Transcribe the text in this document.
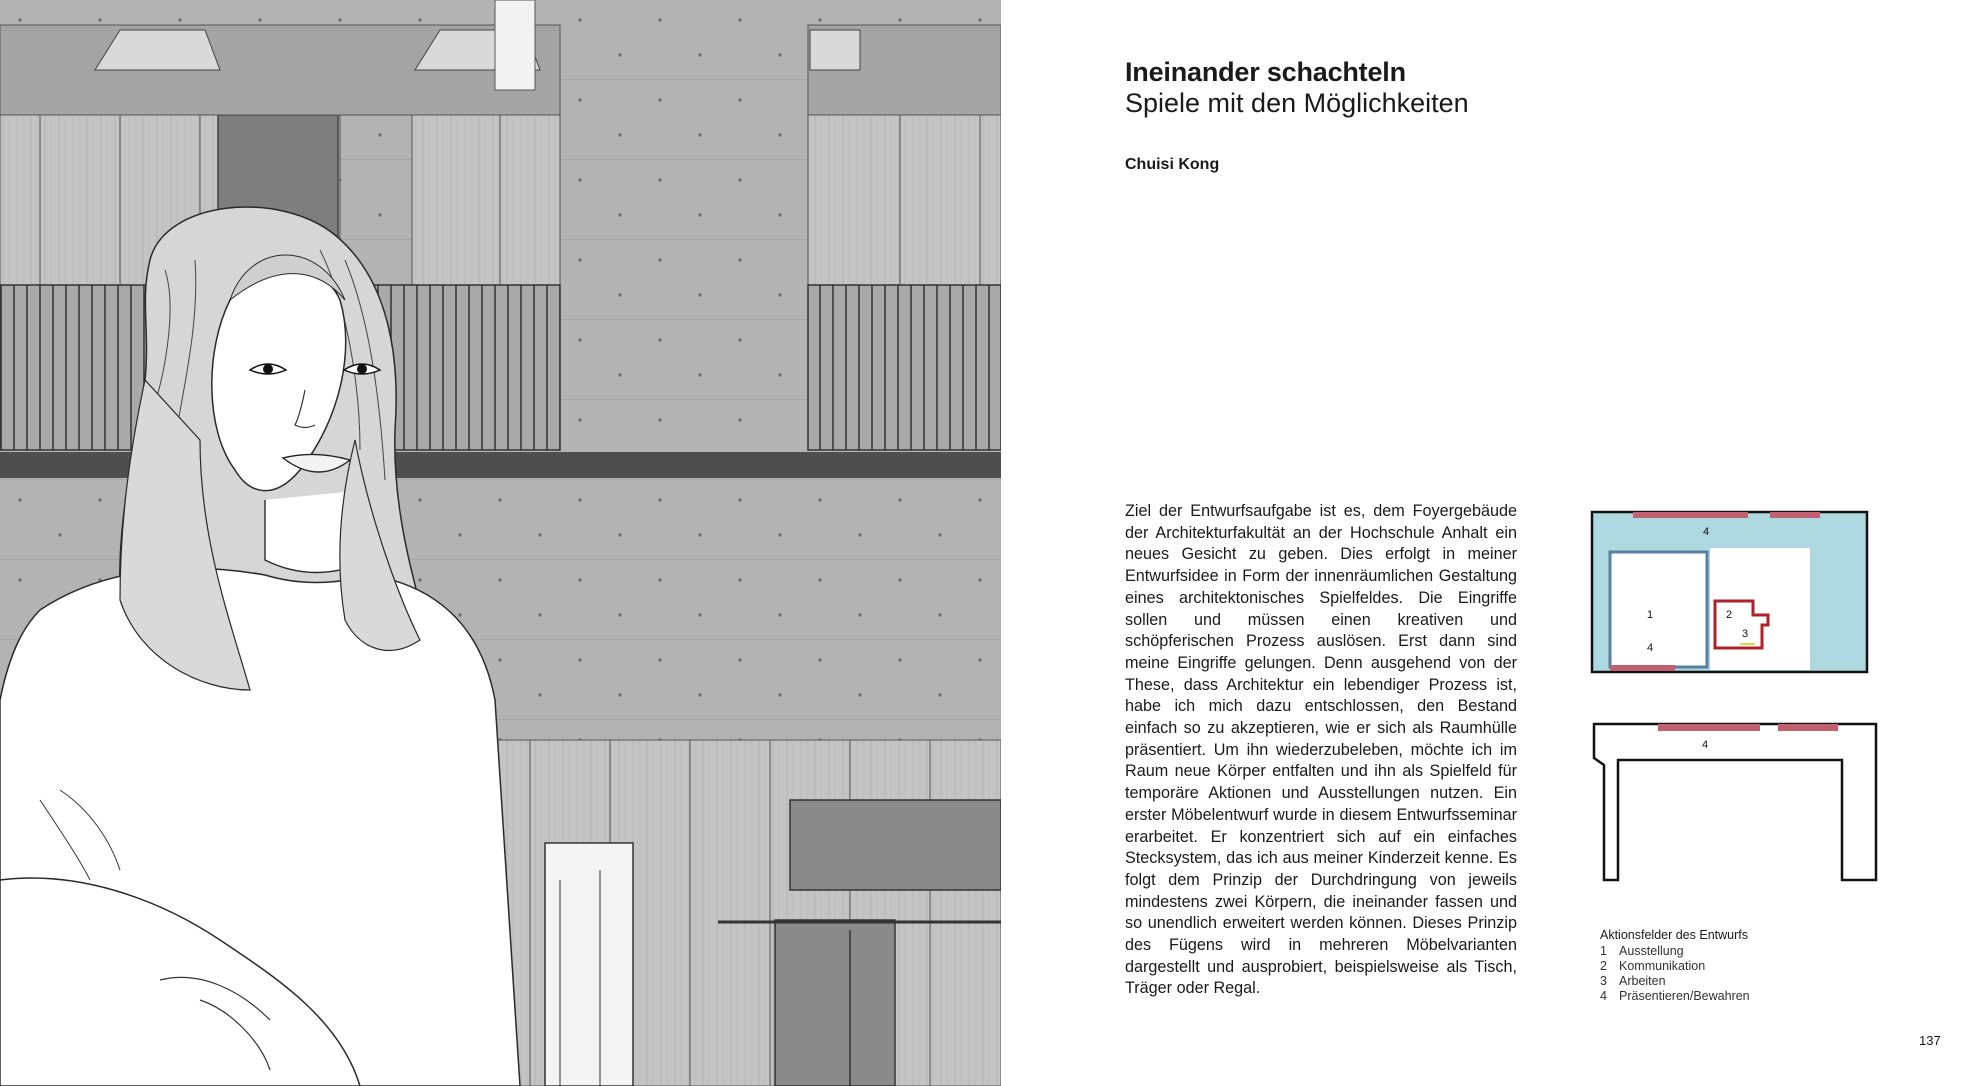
Ineinander schachteln
Spiele mit den Möglichkeiten

Chuisi Kong

Ziel der Entwurfsaufgabe ist es, dem Foyergebäude der Architekturfakultät an der Hochschule Anhalt ein neues Gesicht zu geben. Dies erfolgt in meiner Entwurfsidee in Form der innenräumlichen Gestaltung eines architektonisches Spielfeldes. Die Eingriffe sollen und müssen einen kreativen und schöpferischen Prozess auslösen. Erst dann sind meine Eingriffe gelungen. Denn ausgehend von der These, dass Architektur ein lebendiger Prozess ist, habe ich mich dazu entschlossen, den Bestand einfach so zu akzeptieren, wie er sich als Raumhülle präsentiert. Um ihn wiederzubeleben, möchte ich im Raum neue Körper entfalten und ihn als Spielfeld für temporäre Aktionen und Ausstellungen nutzen. Ein erster Möbelentwurf wurde in diesem Entwurfsseminar erarbeitet. Er konzentriert sich auf ein einfaches Stecksystem, das ich aus meiner Kinderzeit kenne. Es folgt dem Prinzip der Durchdringung von jeweils mindestens zwei Körpern, die ineinander fassen und so unendlich erweitert werden können. Dieses Prinzip des Fügens wird in mehreren Möbelvarianten dargestellt und ausprobiert, beispielsweise als Tisch, Träger oder Regal.

4
1
4
2
3
4
Aktionsfelder des Entwurfs
1 Ausstellung
2 Kommunikation
3 Arbeiten
4 Präsentieren/Bewahren
137
